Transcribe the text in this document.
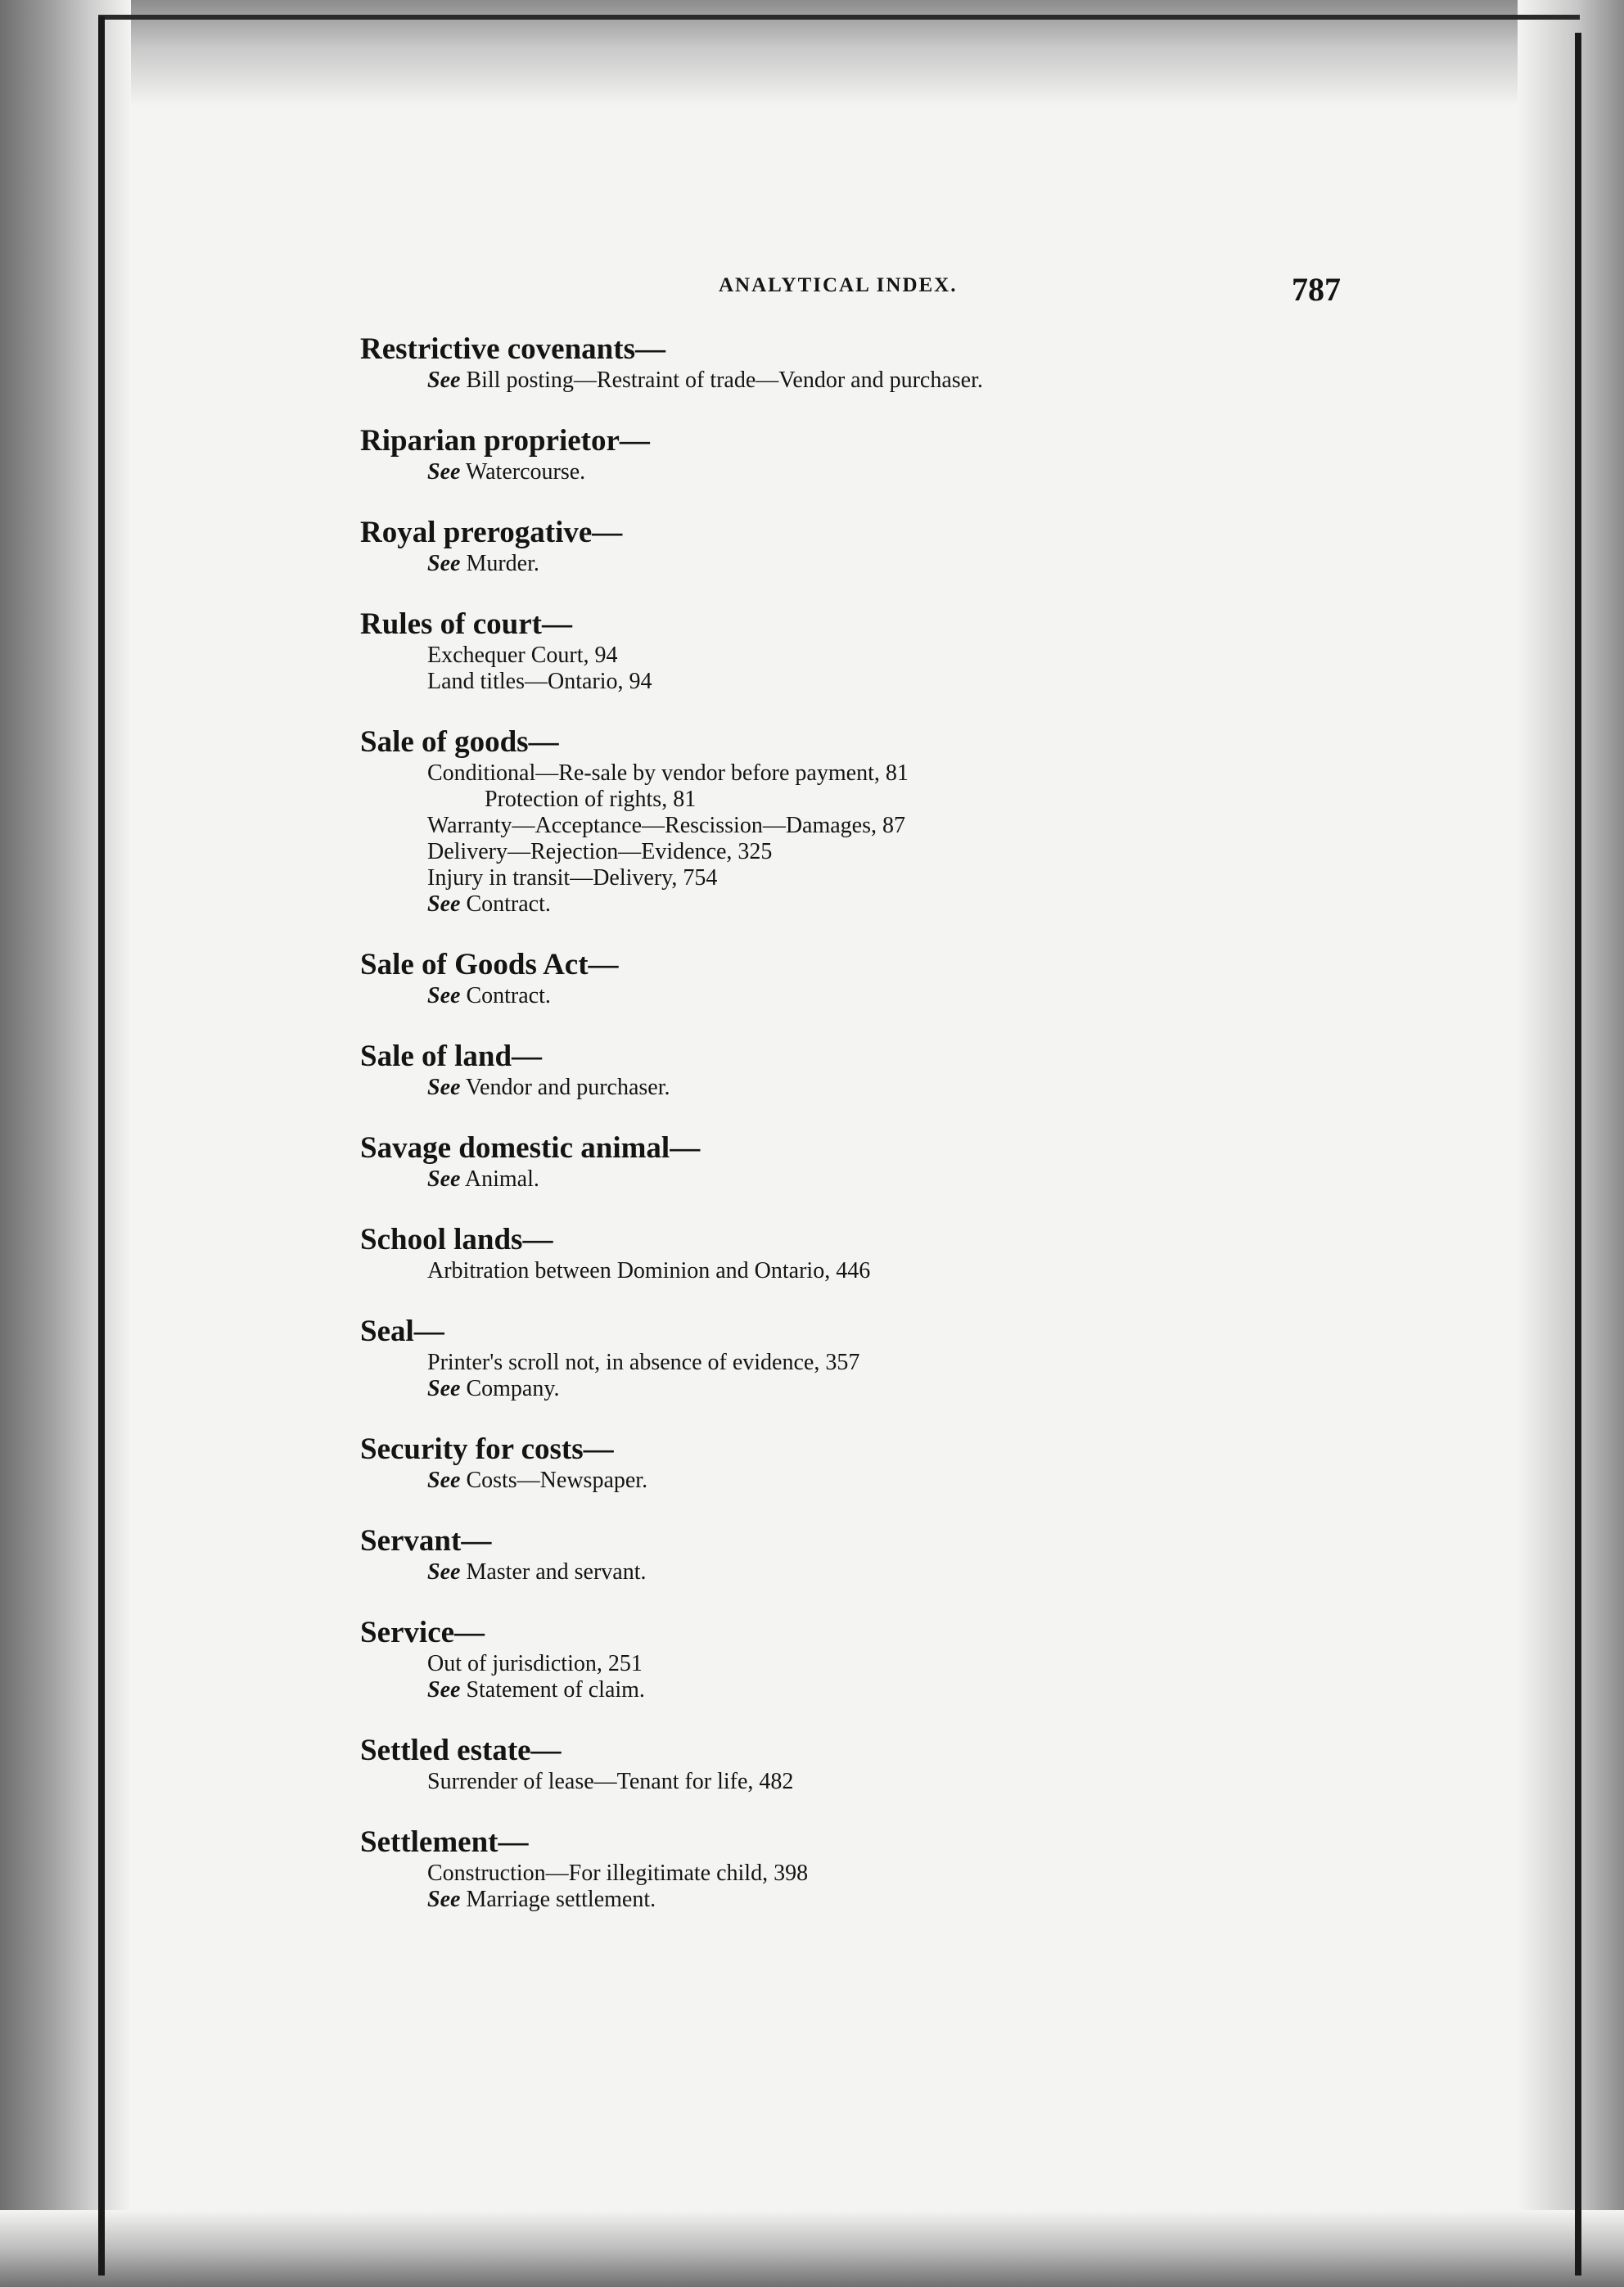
ANALYTICAL INDEX.	787
Restrictive covenants—
See Bill posting—Restraint of trade—Vendor and purchaser.
Riparian proprietor—
See Watercourse.
Royal prerogative—
See Murder.
Rules of court—
Exchequer Court, 94
Land titles—Ontario, 94
Sale of goods—
Conditional—Re-sale by vendor before payment, 81
Protection of rights, 81
Warranty—Acceptance—Rescission—Damages, 87
Delivery—Rejection—Evidence, 325
Injury in transit—Delivery, 754
See Contract.
Sale of Goods Act—
See Contract.
Sale of land—
See Vendor and purchaser.
Savage domestic animal—
See Animal.
School lands—
Arbitration between Dominion and Ontario, 446
Seal—
Printer's scroll not, in absence of evidence, 357
See Company.
Security for costs—
See Costs—Newspaper.
Servant—
See Master and servant.
Service—
Out of jurisdiction, 251
See Statement of claim.
Settled estate—
Surrender of lease—Tenant for life, 482
Settlement—
Construction—For illegitimate child, 398
See Marriage settlement.
